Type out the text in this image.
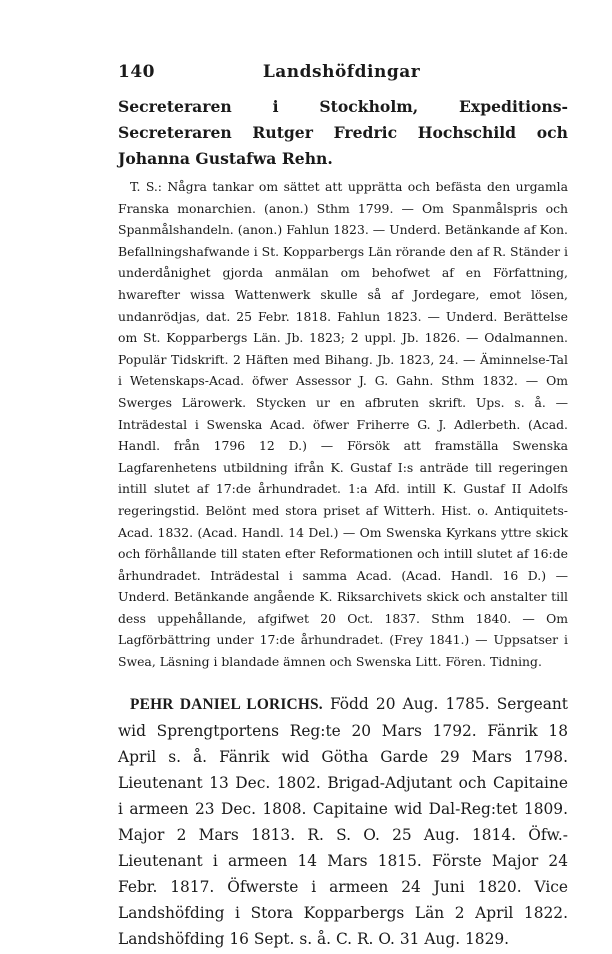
140	Landshöfdingar

Secreteraren i Stockholm, Expeditions-Secreteraren Rutger Fredric Hochschild och Johanna Gustafwa Rehn.

T. S.: Några tankar om sättet att upprätta och befästa den urgamla Franska monarchien. (anon.) Sthm 1799. — Om Spanmålspris och Spanmålshandeln. (anon.) Fahlun 1823. — Underd. Betänkande af Kon. Befallningshafwande i St. Kopparbergs Län rörande den af R. Ständer i underdånighet gjorda anmälan om behofwet af en Författning, hwarefter wissa Wattenwerk skulle så af Jordegare, emot lösen, undanrödjas, dat. 25 Febr. 1818. Fahlun 1823. — Underd. Berättelse om St. Kopparbergs Län. Jb. 1823; 2 uppl. Jb. 1826. — Odalmannen. Populär Tidskrift. 2 Häften med Bihang. Jb. 1823, 24. — Äminnelse-Tal i Wetenskaps-Acad. öfwer Assessor J. G. Gahn. Sthm 1832. — Om Swerges Lärowerk. Stycken ur en afbruten skrift. Ups. s. å. — Inträdestal i Swenska Acad. öfwer Friherre G. J. Adlerbeth. (Acad. Handl. från 1796 12 D.) — Försök att framställa Swenska Lagfarenhetens utbildning ifrån K. Gustaf I:s anträde till regeringen intill slutet af 17:de århundradet. 1:a Afd. intill K. Gustaf II Adolfs regeringstid. Belönt med stora priset af Witterh. Hist. o. Antiquitets-Acad. 1832. (Acad. Handl. 14 Del.) — Om Swenska Kyrkans yttre skick och förhållande till staten efter Reformationen och intill slutet af 16:de århundradet. Inträdestal i samma Acad. (Acad. Handl. 16 D.) — Underd. Betänkande angående K. Riksarchivets skick och anstalter till dess uppehållande, afgifwet 20 Oct. 1837. Sthm 1840. — Om Lagförbättring under 17:de århundradet. (Frey 1841.) — Uppsatser i Swea, Läsning i blandade ämnen och Swenska Litt. Fören. Tidning.

PEHR DANIEL LORICHS. Född 20 Aug. 1785. Sergeant wid Sprengtportens Reg:te 20 Mars 1792. Fänrik 18 April s. å. Fänrik wid Götha Garde 29 Mars 1798. Lieutenant 13 Dec. 1802. Brigad-Adjutant och Capitaine i armeen 23 Dec. 1808. Capitaine wid Dal-Reg:tet 1809. Major 2 Mars 1813. R. S. O. 25 Aug. 1814. Öfw.-Lieutenant i armeen 14 Mars 1815. Förste Major 24 Febr. 1817. Öfwerste i armeen 24 Juni 1820. Vice Landshöfding i Stora Kopparbergs Län 2 April 1822. Landshöfding 16 Sept. s. å. C. R. O. 31 Aug. 1829.
